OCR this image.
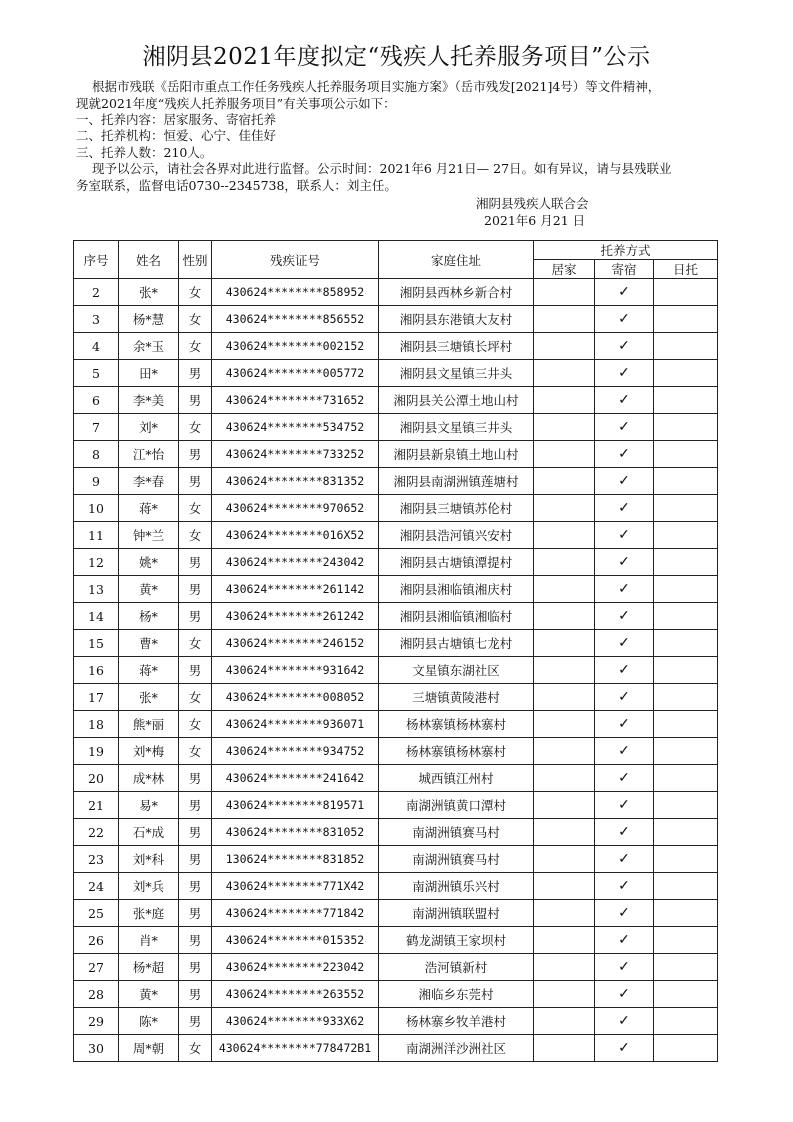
湘阴县2021年度拟定“残疾人托养服务项目”公示
根据市残联《岳阳市重点工作任务残疾人托养服务项目实施方案》（岳市残发[2021]4号）等文件精神，
现就2021年度“残疾人托养服务项目”有关事项公示如下：
一、托养内容：居家服务、寄宿托养
二、托养机构：恒爱、心宁、佳佳好
三、托养人数：210人。
现予以公示，请社会各界对此进行监督。公示时间：2021年6 月21日— 27日。如有异议，请与县残联业
务室联系，监督电话0730--2345738，联系人：刘主任。
湘阴县残疾人联合会
2021年6 月21 日
序号	姓名	性别	残疾证号	家庭住址	托养方式		
					居家	寄宿	日托
2	张*	女	430624********858952	湘阴县西林乡新合村		✓	
3	杨*慧	女	430624********856552	湘阴县东港镇大友村		✓	
4	余*玉	女	430624********002152	湘阴县三塘镇长坪村		✓	
5	田*	男	430624********005772	湘阴县文星镇三井头		✓	
6	李*美	男	430624********731652	湘阴县关公潭土地山村		✓	
7	刘*	女	430624********534752	湘阴县文星镇三井头		✓	
8	江*怡	男	430624********733252	湘阴县新泉镇土地山村		✓	
9	李*春	男	430624********831352	湘阴县南湖洲镇莲塘村		✓	
10	蒋*	女	430624********970652	湘阴县三塘镇苏伦村		✓	
11	钟*兰	女	430624********016X52	湘阴县浩河镇兴安村		✓	
12	姚*	男	430624********243042	湘阴县古塘镇潭提村		✓	
13	黄*	男	430624********261142	湘阴县湘临镇湘庆村		✓	
14	杨*	男	430624********261242	湘阴县湘临镇湘临村		✓	
15	曹*	女	430624********246152	湘阴县古塘镇七龙村		✓	
16	蒋*	男	430624********931642	文星镇东湖社区		✓	
17	张*	女	430624********008052	三塘镇黄陵港村		✓	
18	熊*丽	女	430624********936071	杨林寨镇杨林寨村		✓	
19	刘*梅	女	430624********934752	杨林寨镇杨林寨村		✓	
20	成*林	男	430624********241642	城西镇江州村		✓	
21	易*	男	430624********819571	南湖洲镇黄口潭村		✓	
22	石*成	男	430624********831052	南湖洲镇赛马村		✓	
23	刘*科	男	130624********831852	南湖洲镇赛马村		✓	
24	刘*兵	男	430624********771X42	南湖洲镇乐兴村		✓	
25	张*庭	男	430624********771842	南湖洲镇联盟村		✓	
26	肖*	男	430624********015352	鹤龙湖镇王家坝村		✓	
27	杨*超	男	430624********223042	浩河镇新村		✓	
28	黄*	男	430624********263552	湘临乡东莞村		✓	
29	陈*	男	430624********933X62	杨林寨乡牧羊港村		✓	
30	周*朝	女	430624********778472B1	南湖洲洋沙洲社区		✓	
